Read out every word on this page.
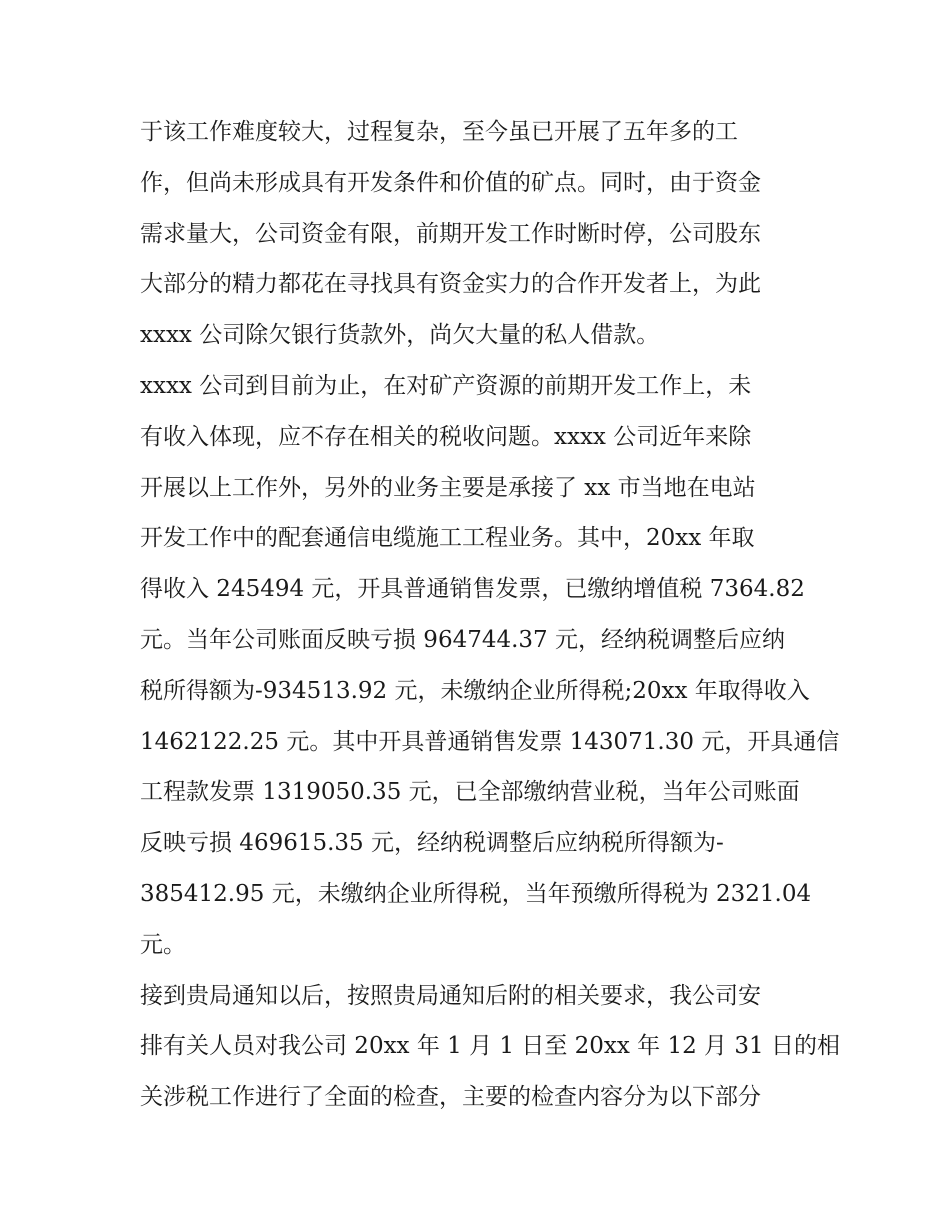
于该工作难度较大，过程复杂，至今虽已开展了五年多的工
作，但尚未形成具有开发条件和价值的矿点。同时，由于资金
需求量大，公司资金有限，前期开发工作时断时停，公司股东
大部分的精力都花在寻找具有资金实力的合作开发者上，为此
xxxx 公司除欠银行货款外，尚欠大量的私人借款。
xxxx 公司到目前为止，在对矿产资源的前期开发工作上，未
有收入体现，应不存在相关的税收问题。xxxx 公司近年来除
开展以上工作外，另外的业务主要是承接了 xx 市当地在电站
开发工作中的配套通信电缆施工工程业务。其中，20xx 年取
得收入 245494 元，开具普通销售发票，已缴纳增值税 7364.82
元。当年公司账面反映亏损 964744.37 元，经纳税调整后应纳
税所得额为-934513.92 元，未缴纳企业所得税;20xx 年取得收入
1462122.25 元。其中开具普通销售发票 143071.30 元，开具通信
工程款发票 1319050.35 元，已全部缴纳营业税，当年公司账面
反映亏损 469615.35 元，经纳税调整后应纳税所得额为-
385412.95 元，未缴纳企业所得税，当年预缴所得税为 2321.04
元。
接到贵局通知以后，按照贵局通知后附的相关要求，我公司安
排有关人员对我公司 20xx 年 1 月 1 日至 20xx 年 12 月 31 日的相
关涉税工作进行了全面的检查，主要的检查内容分为以下部分
